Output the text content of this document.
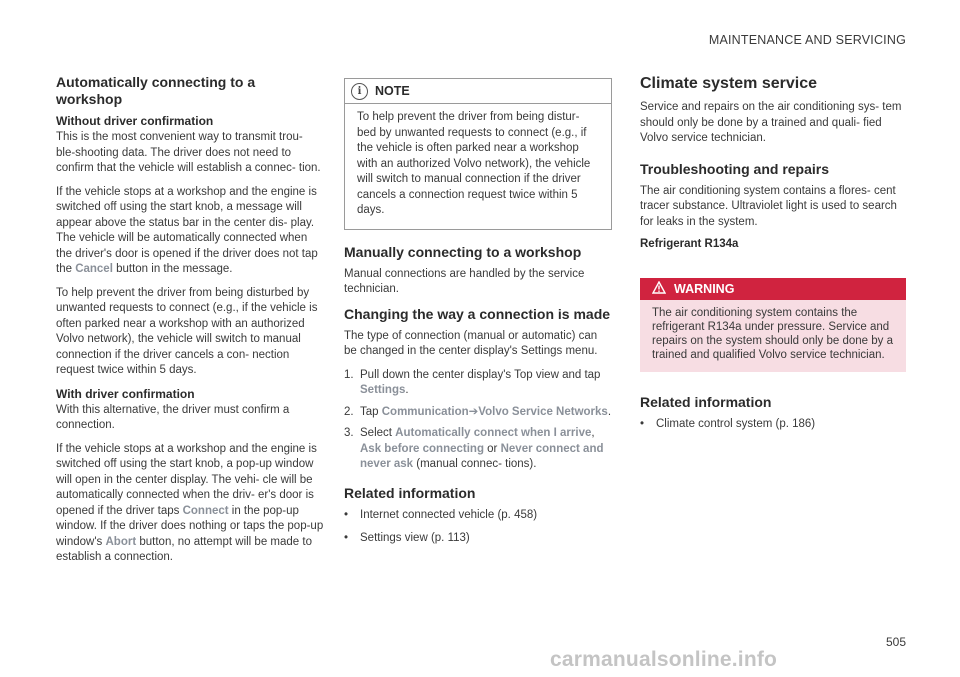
MAINTENANCE AND SERVICING
Automatically connecting to a workshop
Without driver confirmation

This is the most convenient way to transmit trou- ble-shooting data. The driver does not need to confirm that the vehicle will establish a connec- tion.

If the vehicle stops at a workshop and the engine is switched off using the start knob, a message will appear above the status bar in the center dis- play. The vehicle will be automatically connected when the driver's door is opened if the driver does not tap the Cancel button in the message.

To help prevent the driver from being disturbed by unwanted requests to connect (e.g., if the vehicle is often parked near a workshop with an authorized Volvo network), the vehicle will switch to manual connection if the driver cancels a con- nection request twice within 5 days.

With driver confirmation

With this alternative, the driver must confirm a connection.

If the vehicle stops at a workshop and the engine is switched off using the start knob, a pop-up window will open in the center display. The vehi- cle will be automatically connected when the driv- er's door is opened if the driver taps Connect in the pop-up window. If the driver does nothing or taps the pop-up window's Abort button, no attempt will be made to establish a connection.

i	NOTE

To help prevent the driver from being distur- bed by unwanted requests to connect (e.g., if the vehicle is often parked near a workshop with an authorized Volvo network), the vehicle will switch to manual connection if the driver cancels a connection request twice within 5 days.

Manually connecting to a workshop

Manual connections are handled by the service technician.

Changing the way a connection is made

The type of connection (manual or automatic) can be changed in the center display's Settings menu.

1. Pull down the center display's Top view and tap Settings.
2. Tap Communication➔Volvo Service Networks.
3. Select Automatically connect when I arrive, Ask before connecting or Never connect and never ask (manual connec- tions).
Related information
•	Internet connected vehicle (p. 458)
•	Settings view (p. 113)
Climate system service

Service and repairs on the air conditioning sys- tem should only be done by a trained and quali- fied Volvo service technician.

Troubleshooting and repairs

The air conditioning system contains a flores- cent tracer substance. Ultraviolet light is used to search for leaks in the system.

Refrigerant R134a
WARNING

The air conditioning system contains the refrigerant R134a under pressure. Service and repairs on the system should only be done by a trained and qualified Volvo service technician.

Related information
•	Climate control system (p. 186)
505
carmanualsonline.info
